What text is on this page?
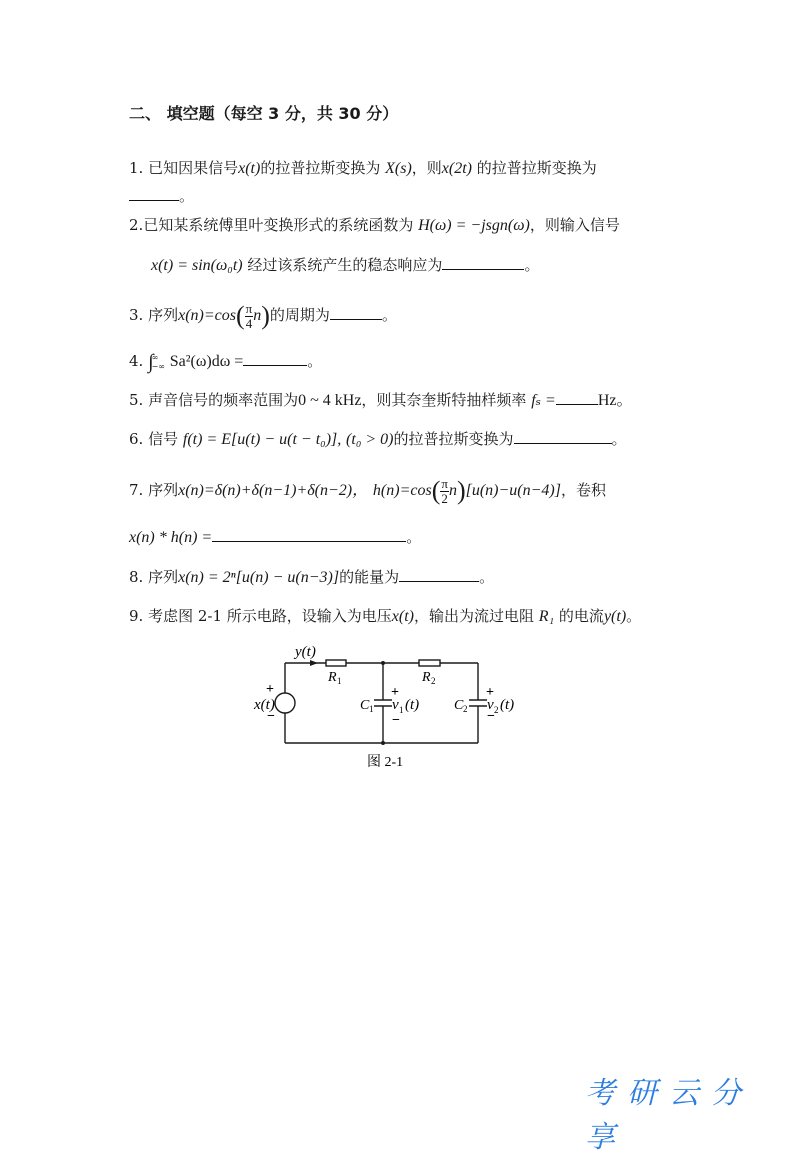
二、 填空题（每空 3 分，共 30 分）
1. 已知因果信号x(t)的拉普拉斯变换为 X(s)，则x(2t) 的拉普拉斯变换为
。
2.已知某系统傅里叶变换形式的系统函数为 H(ω) = −jsgn(ω)，则输入信号
x(t) = sin(ω₀t) 经过该系统产生的稳态响应为	。
3. 序列$x(n)=\cos( \frac{\pi}{4} n)$的周期为	。
4. ∫
∞
−∞ Sa²(ω)dω =	。
5. 声音信号的频率范围为0 ~ 4 kHz，则其奈奎斯特抽样频率 fₛ =	Hz。
6. 信号 f(t) = E[u(t) − u(t − t₀)], (t₀ > 0)的拉普拉斯变换为	。
7. 序列x(n)=δ(n)+δ(n−1)+δ(n−2)， $h(n)=\cos( \frac{\pi}{2} n)[u(n)-u(n-4)]$，卷积
x(n) * h(n) =	。
8. 序列x(n) = 2ⁿ[u(n) − u(n−3)]的能量为	。
9. 考虑图 2-1 所示电路，设输入为电压x(t)，输出为流过电阻 R₁ 的电流y(t)。
y(t)
x(t)
+
−
R 1	R 2
C 1	C 2
+
v 1 (t)
−
+
v 2 (t)
−
图 2-1
考研云分享
